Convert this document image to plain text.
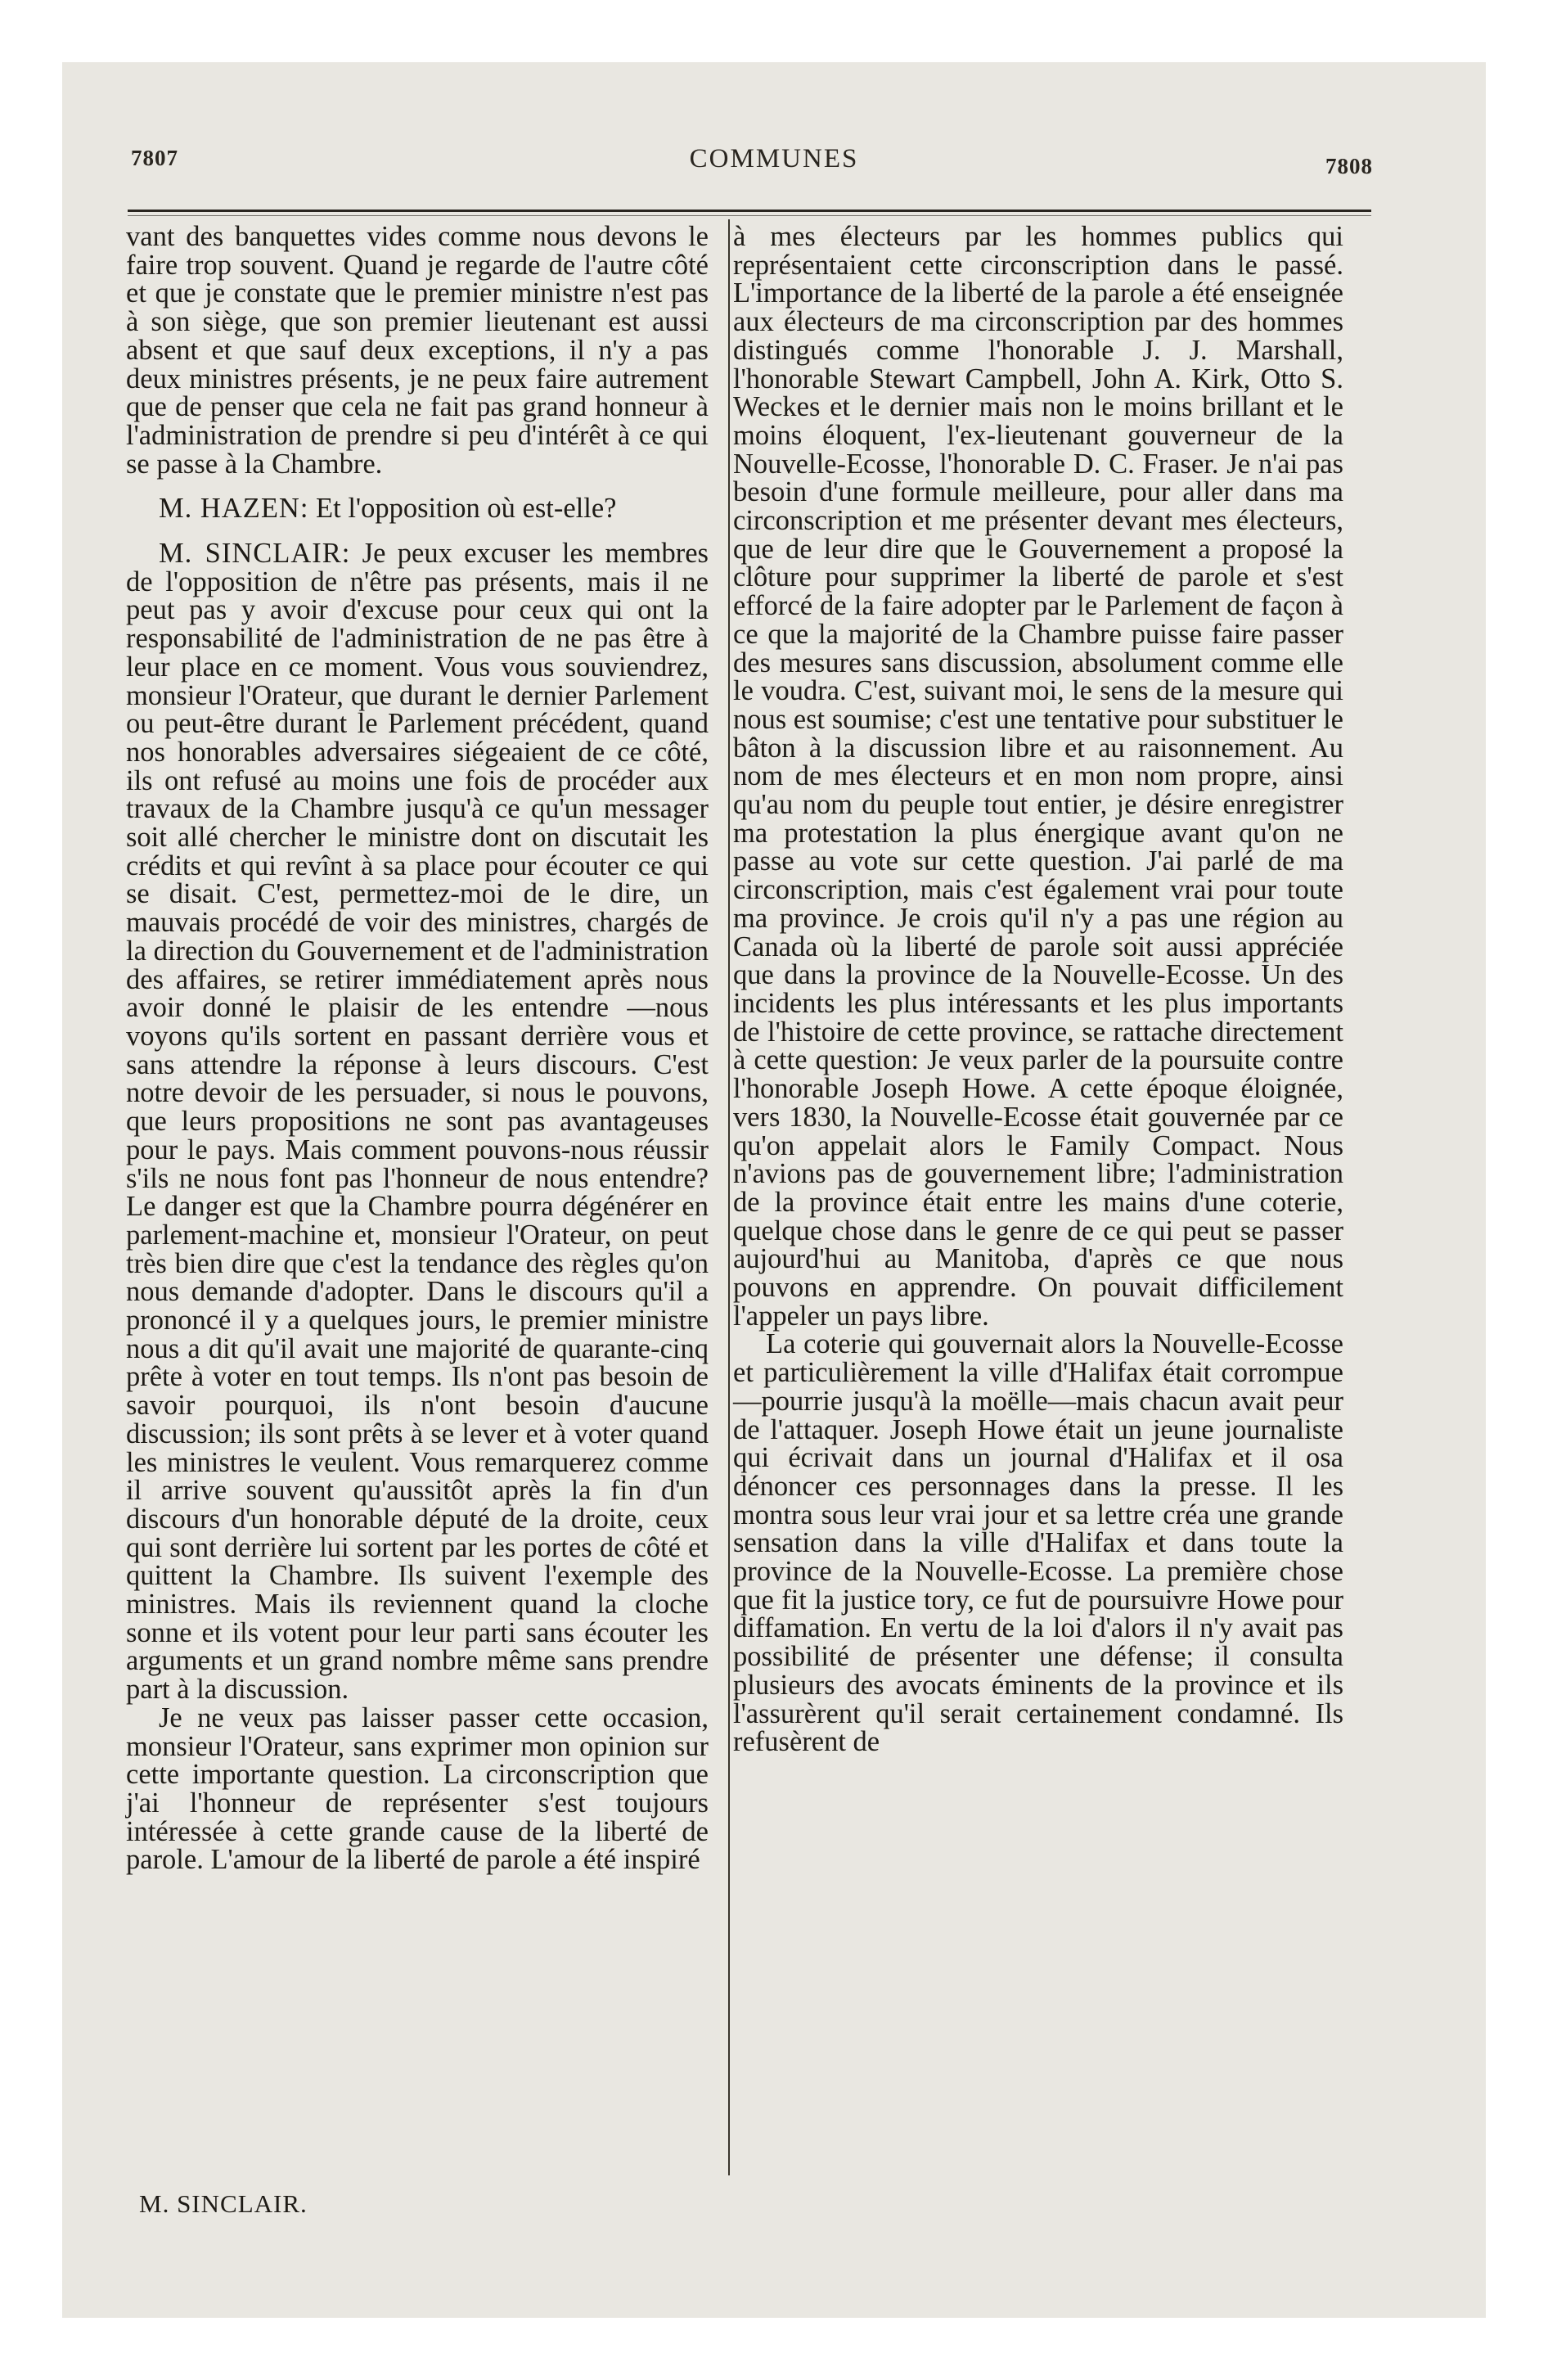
7807	COMMUNES	7808

vant des banquettes vides comme nous devons le faire trop souvent. Quand je regarde de l'autre côté et que je constate que le premier ministre n'est pas à son siège, que son premier lieutenant est aussi absent et que sauf deux exceptions, il n'y a pas deux ministres présents, je ne peux faire autrement que de penser que cela ne fait pas grand honneur à l'administration de prendre si peu d'intérêt à ce qui se passe à la Chambre.

M. HAZEN: Et l'opposition où est-elle?

M. SINCLAIR: Je peux excuser les membres de l'opposition de n'être pas présents, mais il ne peut pas y avoir d'excuse pour ceux qui ont la responsabilité de l'administration de ne pas être à leur place en ce moment. Vous vous souviendrez, monsieur l'Orateur, que durant le dernier Parlement ou peut-être durant le Parlement précédent, quand nos honorables adversaires siégeaient de ce côté, ils ont refusé au moins une fois de procéder aux travaux de la Chambre jusqu'à ce qu'un messager soit allé chercher le ministre dont on discutait les crédits et qui revînt à sa place pour écouter ce qui se disait. C'est, permettez-moi de le dire, un mauvais procédé de voir des ministres, chargés de la direction du Gouvernement et de l'administration des affaires, se retirer immédiatement après nous avoir donné le plaisir de les entendre —nous voyons qu'ils sortent en passant derrière vous et sans attendre la réponse à leurs discours. C'est notre devoir de les persuader, si nous le pouvons, que leurs propositions ne sont pas avantageuses pour le pays. Mais comment pouvons-nous réussir s'ils ne nous font pas l'honneur de nous entendre? Le danger est que la Chambre pourra dégénérer en parlement-machine et, monsieur l'Orateur, on peut très bien dire que c'est la tendance des règles qu'on nous demande d'adopter. Dans le discours qu'il a prononcé il y a quelques jours, le premier ministre nous a dit qu'il avait une majorité de quarante-cinq prête à voter en tout temps. Ils n'ont pas besoin de savoir pourquoi, ils n'ont besoin d'aucune discussion; ils sont prêts à se lever et à voter quand les ministres le veulent. Vous remarquerez comme il arrive souvent qu'aussitôt après la fin d'un discours d'un honorable député de la droite, ceux qui sont derrière lui sortent par les portes de côté et quittent la Chambre. Ils suivent l'exemple des ministres. Mais ils reviennent quand la cloche sonne et ils votent pour leur parti sans écouter les arguments et un grand nombre même sans prendre part à la discussion.

Je ne veux pas laisser passer cette occasion, monsieur l'Orateur, sans exprimer mon opinion sur cette importante question. La circonscription que j'ai l'honneur de représenter s'est toujours intéressée à cette grande cause de la liberté de parole. L'amour de la liberté de parole a été inspiré

à mes électeurs par les hommes publics qui représentaient cette circonscription dans le passé. L'importance de la liberté de la parole a été enseignée aux électeurs de ma circonscription par des hommes distingués comme l'honorable J. J. Marshall, l'honorable Stewart Campbell, John A. Kirk, Otto S. Weckes et le dernier mais non le moins brillant et le moins éloquent, l'ex-lieutenant gouverneur de la Nouvelle-Ecosse, l'honorable D. C. Fraser. Je n'ai pas besoin d'une formule meilleure, pour aller dans ma circonscription et me présenter devant mes électeurs, que de leur dire que le Gouvernement a proposé la clôture pour supprimer la liberté de parole et s'est efforcé de la faire adopter par le Parlement de façon à ce que la majorité de la Chambre puisse faire passer des mesures sans discussion, absolument comme elle le voudra. C'est, suivant moi, le sens de la mesure qui nous est soumise; c'est une tentative pour substituer le bâton à la discussion libre et au raisonnement. Au nom de mes électeurs et en mon nom propre, ainsi qu'au nom du peuple tout entier, je désire enregistrer ma protestation la plus énergique avant qu'on ne passe au vote sur cette question. J'ai parlé de ma circonscription, mais c'est également vrai pour toute ma province. Je crois qu'il n'y a pas une région au Canada où la liberté de parole soit aussi appréciée que dans la province de la Nouvelle-Ecosse. Un des incidents les plus intéressants et les plus importants de l'histoire de cette province, se rattache directement à cette question: Je veux parler de la poursuite contre l'honorable Joseph Howe. A cette époque éloignée, vers 1830, la Nouvelle-Ecosse était gouvernée par ce qu'on appelait alors le Family Compact. Nous n'avions pas de gouvernement libre; l'administration de la province était entre les mains d'une coterie, quelque chose dans le genre de ce qui peut se passer aujourd'hui au Manitoba, d'après ce que nous pouvons en apprendre. On pouvait difficilement l'appeler un pays libre.

La coterie qui gouvernait alors la Nouvelle-Ecosse et particulièrement la ville d'Halifax était corrompue—pourrie jusqu'à la moëlle—mais chacun avait peur de l'attaquer. Joseph Howe était un jeune journaliste qui écrivait dans un journal d'Halifax et il osa dénoncer ces personnages dans la presse. Il les montra sous leur vrai jour et sa lettre créa une grande sensation dans la ville d'Halifax et dans toute la province de la Nouvelle-Ecosse. La première chose que fit la justice tory, ce fut de poursuivre Howe pour diffamation. En vertu de la loi d'alors il n'y avait pas possibilité de présenter une défense; il consulta plusieurs des avocats éminents de la province et ils l'assurèrent qu'il serait certainement condamné. Ils refusèrent de

M. SINCLAIR.
